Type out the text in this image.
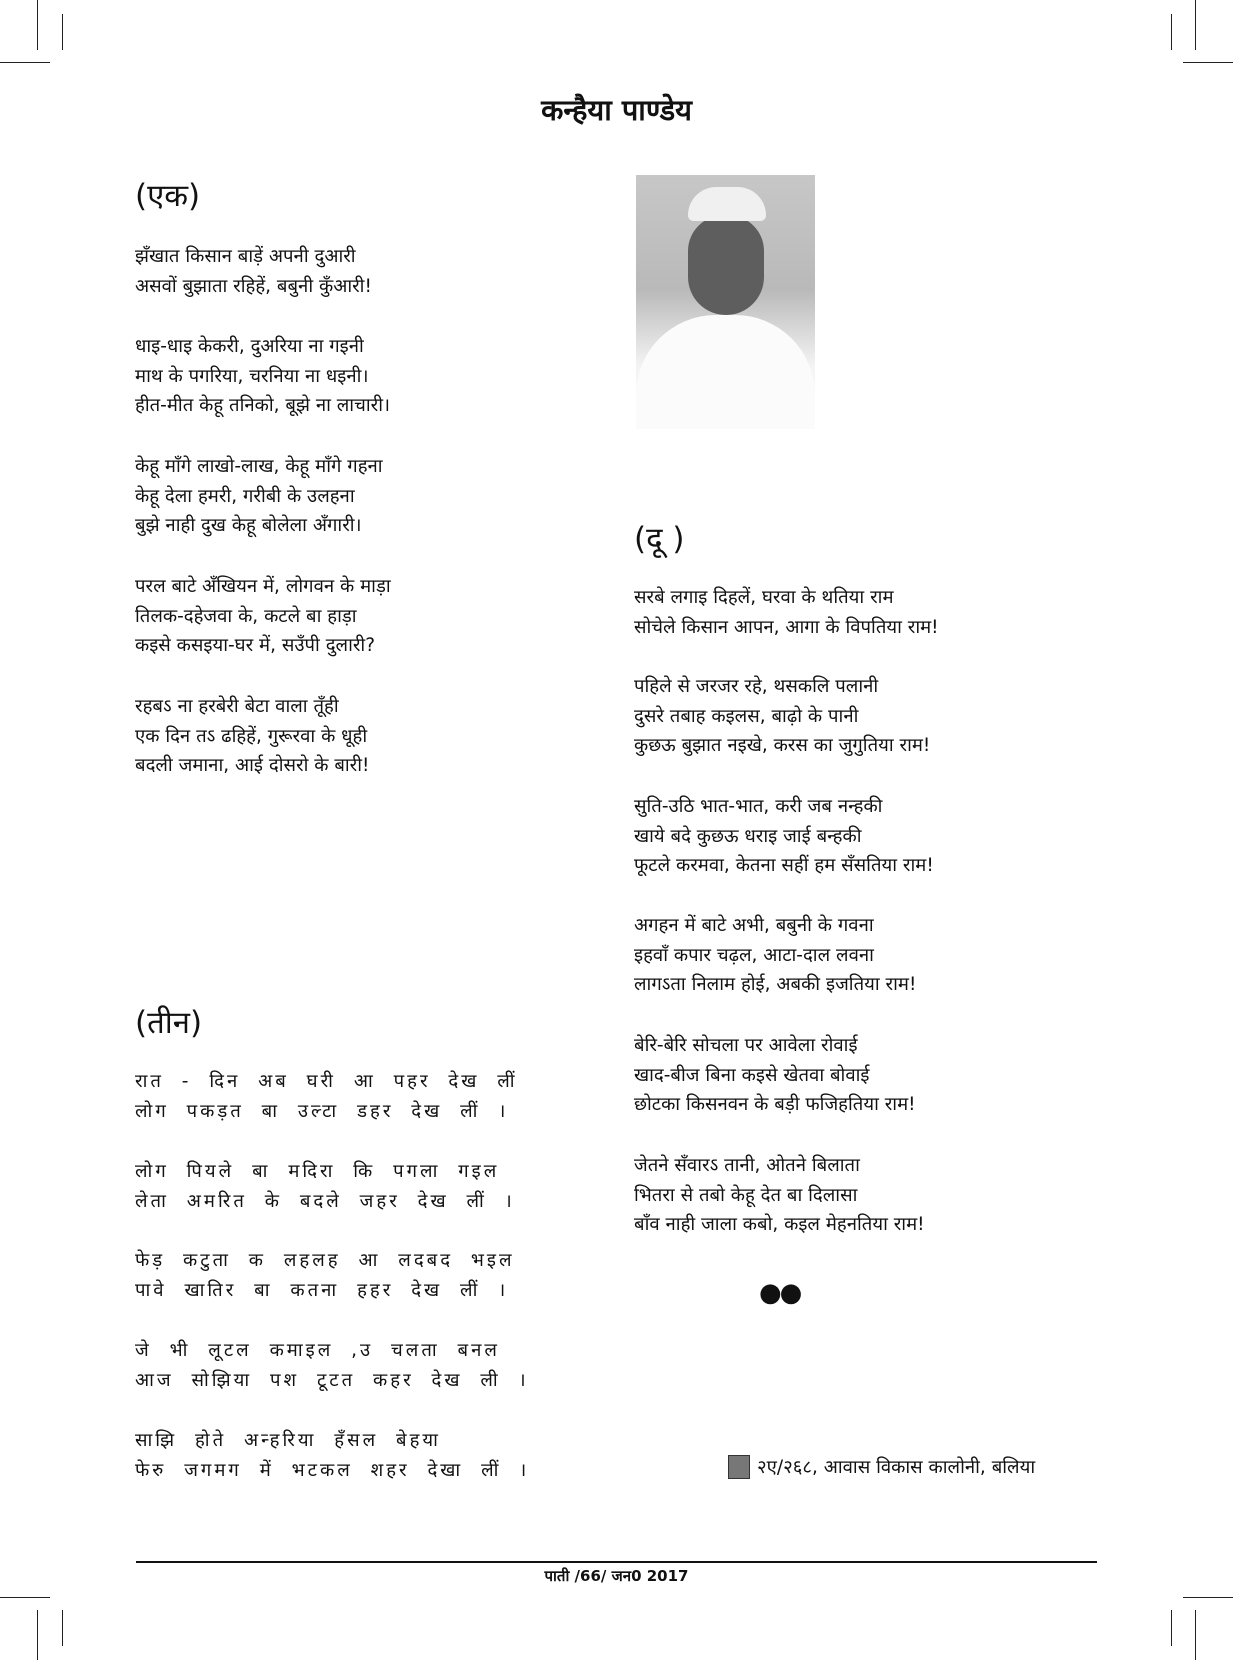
कन्हैया पाण्डेय
(एक)
झँखात किसान बाड़ें अपनी दुआरी
असवों बुझाता रहिहें, बबुनी कुँआरी!
धाइ-धाइ केकरी, दुअरिया ना गइनी
माथ के पगरिया, चरनिया ना धइनी।
हीत-मीत केहू तनिको, बूझे ना लाचारी।
केहू माँगे लाखो-लाख, केहू माँगे गहना
केहू देला हमरी, गरीबी के उलहना
बुझे नाही दुख केहू बोलेला अँगारी।
परल बाटे अँखियन में, लोगवन के माड़ा
तिलक-दहेजवा के, कटले बा हाड़ा
कइसे कसइया-घर में, सउँपी दुलारी?
रहबऽ ना हरबेरी बेटा वाला तूँही
एक दिन तऽ ढहिहें, गुरूरवा के धूही
बदली जमाना, आई दोसरो के बारी!
(दू )
सरबे लगाइ दिहलें, घरवा के थतिया राम
सोचेले किसान आपन, आगा के विपतिया राम!
पहिले से जरजर रहे, थसकलि पलानी
दुसरे तबाह कइलस, बाढ़ो के पानी
कुछऊ बुझात नइखे, करस का जुगुतिया राम!
सुति-उठि भात-भात, करी जब नन्हकी
खाये बदे कुछऊ धराइ जाई बन्हकी
फूटले करमवा, केतना सहीं हम सँसतिया राम!
अगहन में बाटे अभी, बबुनी के गवना
इहवाँ कपार चढ़ल, आटा-दाल लवना
लागऽता निलाम होई, अबकी इजतिया राम!
बेरि-बेरि सोचला पर आवेला रोवाई
खाद-बीज बिना कइसे खेतवा बोवाई
छोटका किसनवन के बड़ी फजिहतिया राम!
जेतने सँवारऽ तानी, ओतने बिलाता
भितरा से तबो केहू देत बा दिलासा
बाँव नाही जाला कबो, कइल मेहनतिया राम!
●●
(तीन)
रात - दिन अब घरी आ पहर देख लीं
लोग पकड़त बा उल्टा डहर देख लीं ।
लोग पियले बा मदिरा कि पगला गइल
लेता अमरित के बदले जहर देख लीं ।
फेड़ कटुता क लहलह आ लदबद भइल
पावे खातिर बा कतना हहर देख लीं ।
जे भी लूटल कमाइल ,उ चलता बनल
आज सोझिया पश टूटत कहर देख ली ।
साझि होते अन्हरिया हँसल बेहया
फेरु जगमग में भटकल शहर देखा लीं ।	२ए/२६८, आवास विकास कालोनी, बलिया
पाती /66/ जन0 2017
